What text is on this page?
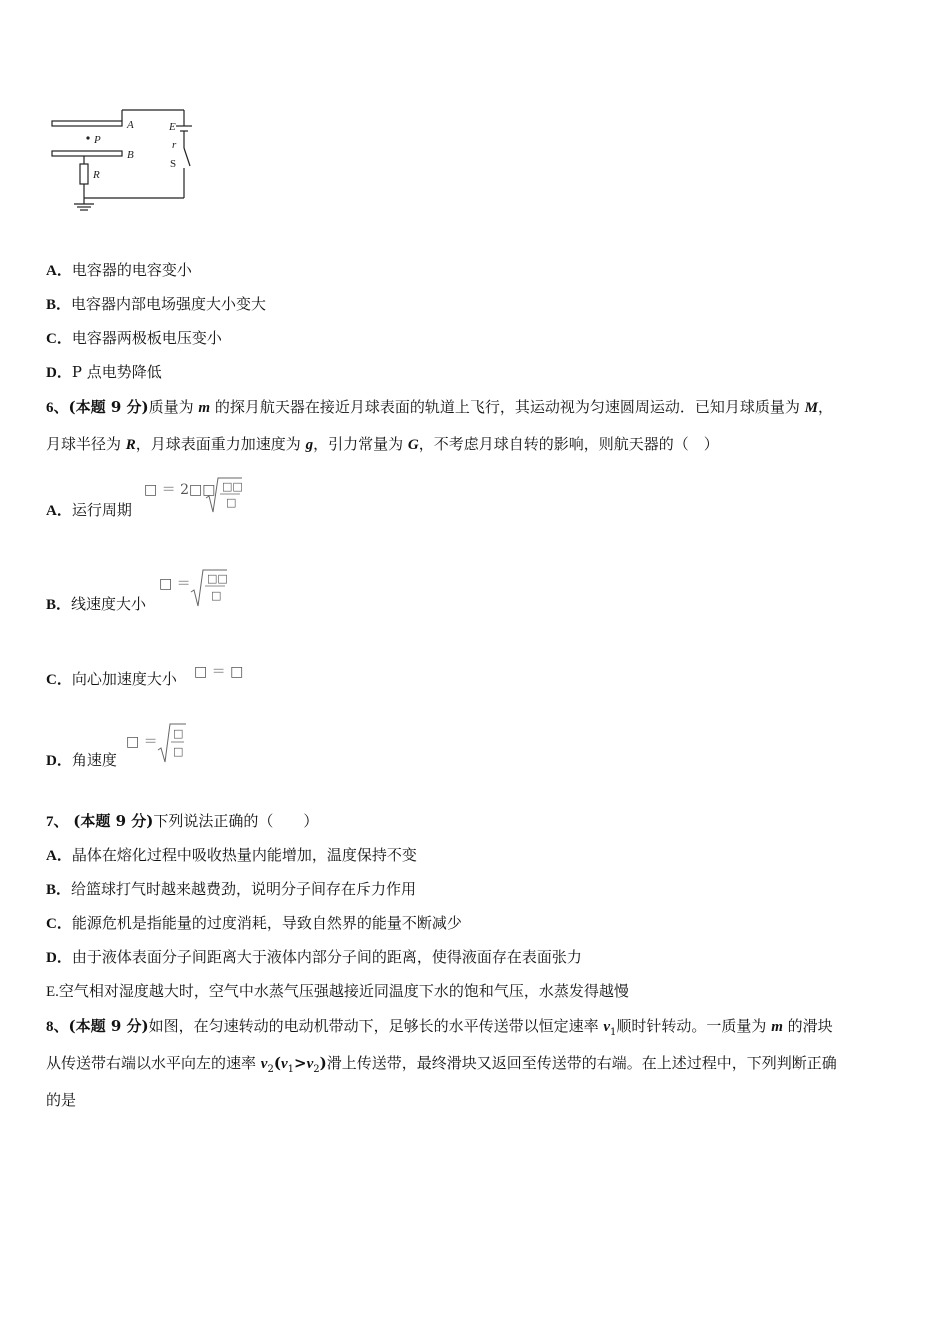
A
B
P
R
E
r
S
A．电容器的电容变小
B．电容器内部电场强度大小变大
C．电容器两极板电压变小
D．P 点电势降低
6、(本题 9 分)质量为 m 的探月航天器在接近月球表面的轨道上飞行，其运动视为匀速圆周运动．已知月球质量为 M，
月球半径为 R，月球表面重力加速度为 g，引力常量为 G，不考虑月球自转的影响，则航天器的（　）
A．运行周期
□ ＝ 2□□ □□
□
B．线速度大小
□ ＝ □□
□
C．向心加速度大小 □ ＝ □
D．角速度
□ ＝
□
□
7、 (本题 9 分)下列说法正确的（　　）
A．晶体在熔化过程中吸收热量内能增加，温度保持不变
B．给篮球打气时越来越费劲，说明分子间存在斥力作用
C．能源危机是指能量的过度消耗，导致自然界的能量不断减少
D．由于液体表面分子间距离大于液体内部分子间的距离，使得液面存在表面张力
E.空气相对湿度越大时，空气中水蒸气压强越接近同温度下水的饱和气压，水蒸发得越慢
8、(本题 9 分)如图，在匀速转动的电动机带动下，足够长的水平传送带以恒定速率 $v_1$顺时针转动。一质量为 m 的滑块
从传送带右端以水平向左的速率 $v_2(v_1>v_2)$滑上传送带，最终滑块又返回至传送带的右端。在上述过程中，下列判断正确
的是
